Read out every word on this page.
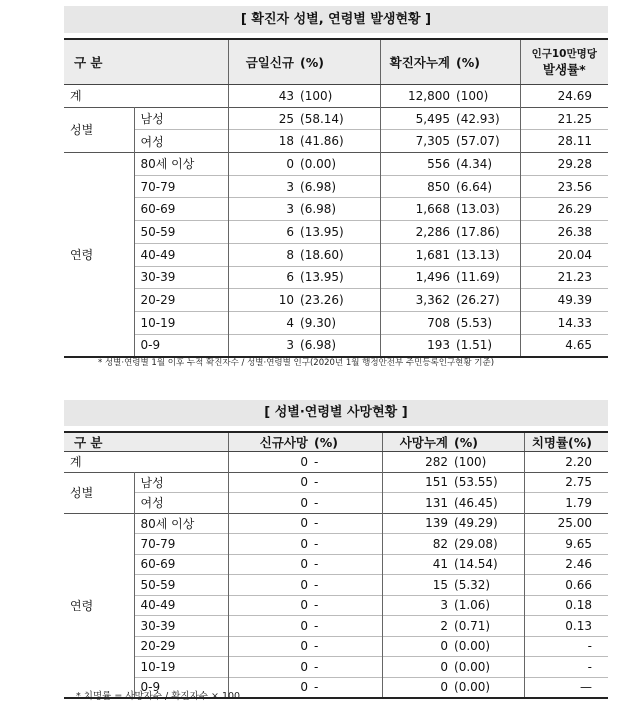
[ 확진자 성별, 연령별 발생현황 ]
구 분		금일신규	(%)	확진자누계	(%)	인구10만명당
발생률*

계		43	(100)	12,800	(100)	24.69
성별	남성	25	(58.14)	5,495	(42.93)	21.25
	여성	18	(41.86)	7,305	(57.07)	28.11
연령	80세 이상	0	(0.00)	556	(4.34)	29.28
	70-79	3	(6.98)	850	(6.64)	23.56
	60-69	3	(6.98)	1,668	(13.03)	26.29
	50-59	6	(13.95)	2,286	(17.86)	26.38
	40-49	8	(18.60)	1,681	(13.13)	20.04
	30-39	6	(13.95)	1,496	(11.69)	21.23
	20-29	10	(23.26)	3,362	(26.27)	49.39
	10-19	4	(9.30)	708	(5.53)	14.33
	0-9	3	(6.98)	193	(1.51)	4.65
* 성별·연령별 1월 이후 누적 확진자수 / 성별·연령별 인구(2020년 1월 행정안전부 주민등록인구현황 기준)
[ 성별·연령별 사망현황 ]
구 분		신규사망	(%)	사망누계	(%)	치명률(%)
계		0	-	282	(100)	2.20
성별	남성	0	-	151	(53.55)	2.75
	여성	0	-	131	(46.45)	1.79
연령	80세 이상	0	-	139	(49.29)	25.00
	70-79	0	-	82	(29.08)	9.65
	60-69	0	-	41	(14.54)	2.46
	50-59	0	-	15	(5.32)	0.66
	40-49	0	-	3	(1.06)	0.18
	30-39	0	-	2	(0.71)	0.13
	20-29	0	-	0	(0.00)	-
	10-19	0	-	0	(0.00)	-
	0-9	0	-	0	(0.00)	—
* 치명률 = 사망자수 / 확진자수 × 100
